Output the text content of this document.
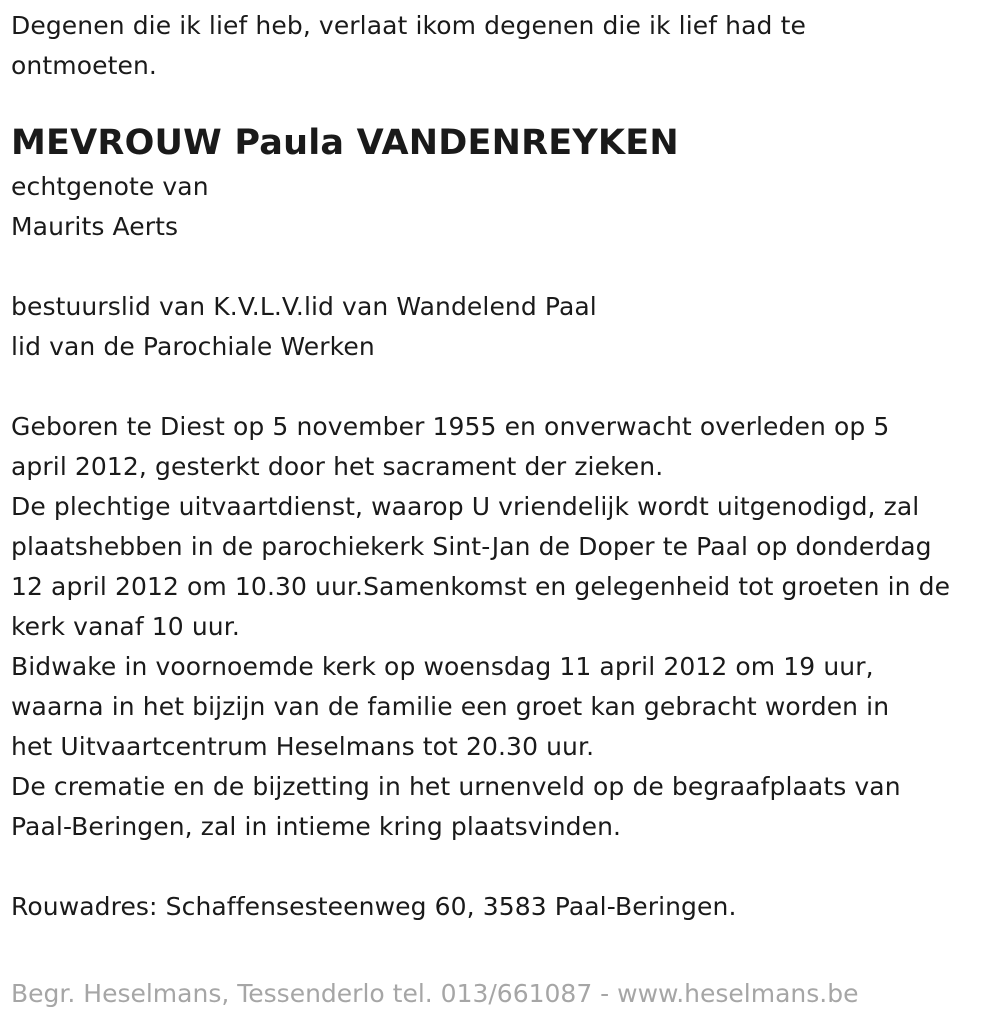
Degenen die ik lief heb, verlaat ikom degenen die ik lief had te
ontmoeten.
MEVROUW Paula VANDENREYKEN
echtgenote van
Maurits Aerts
bestuurslid van K.V.L.V.lid van Wandelend Paal
lid van de Parochiale Werken
Geboren te Diest op 5 november 1955 en onverwacht overleden op 5
april 2012, gesterkt door het sacrament der zieken.
De plechtige uitvaartdienst, waarop U vriendelijk wordt uitgenodigd, zal
plaatshebben in de parochiekerk Sint-Jan de Doper te Paal op donderdag
12 april 2012 om 10.30 uur.Samenkomst en gelegenheid tot groeten in de
kerk vanaf 10 uur.
Bidwake in voornoemde kerk op woensdag 11 april 2012 om 19 uur,
waarna in het bijzijn van de familie een groet kan gebracht worden in
het Uitvaartcentrum Heselmans tot 20.30 uur.
De crematie en de bijzetting in het urnenveld op de begraafplaats van
Paal-Beringen, zal in intieme kring plaatsvinden.
Rouwadres: Schaffensesteenweg 60, 3583 Paal-Beringen.
Begr. Heselmans, Tessenderlo tel. 013/661087 - www.heselmans.be
